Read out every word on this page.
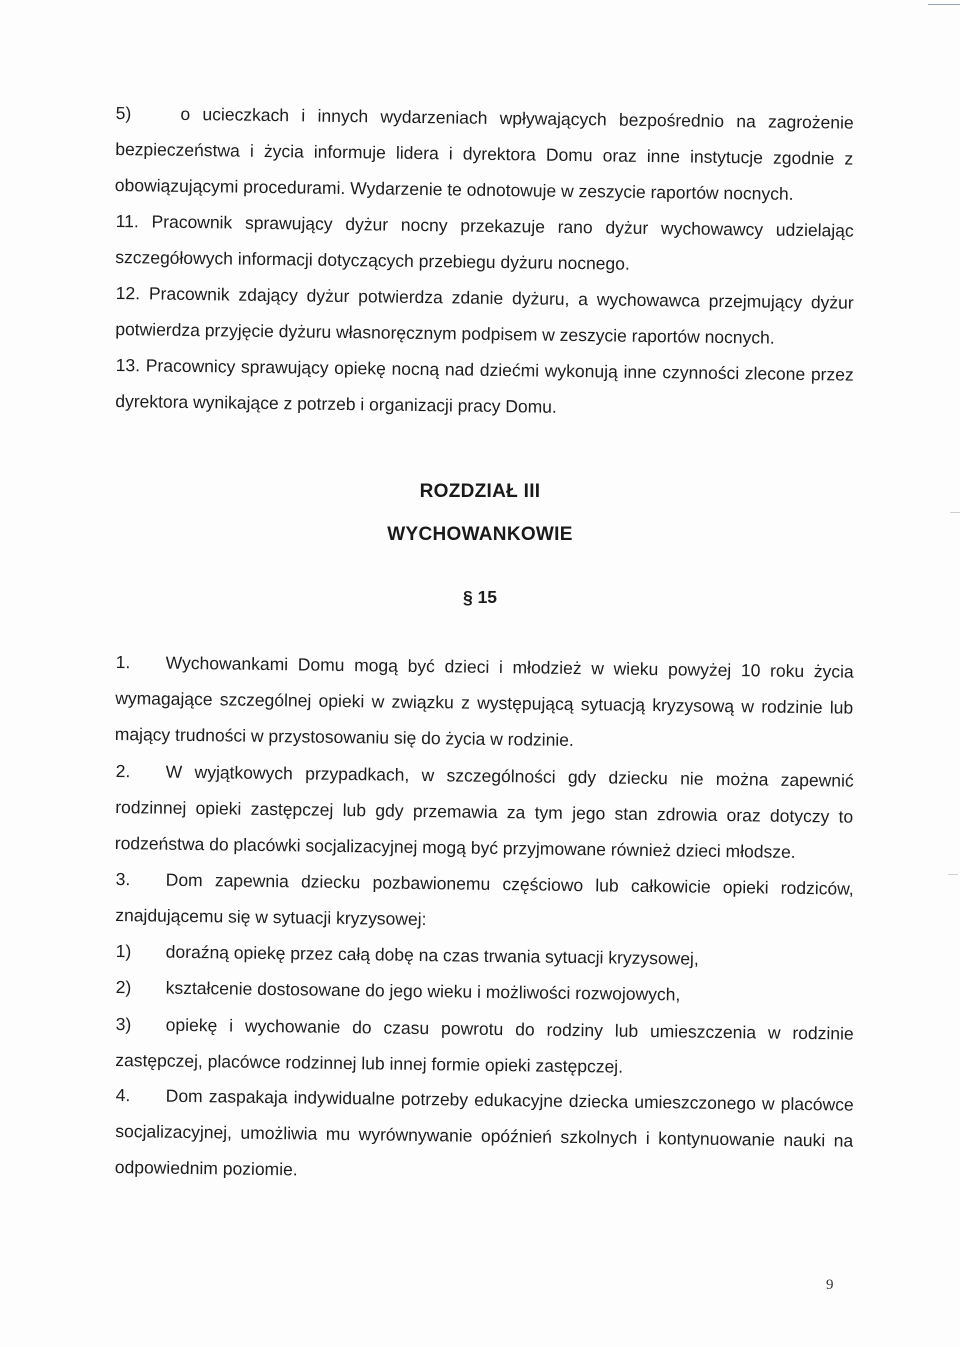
5)    o ucieczkach i innych wydarzeniach wpływających bezpośrednio na zagrożenie bezpieczeństwa i życia informuje lidera i dyrektora Domu oraz inne instytucje zgodnie z obowiązującymi procedurami. Wydarzenie te odnotowuje w zeszycie raportów nocnych.

11. Pracownik sprawujący dyżur nocny przekazuje rano dyżur wychowawcy udzielając szczegółowych informacji dotyczących przebiegu dyżuru nocnego.

12. Pracownik zdający dyżur potwierdza zdanie dyżuru, a wychowawca przejmujący dyżur potwierdza przyjęcie dyżuru własnoręcznym podpisem w zeszycie raportów nocnych.

13. Pracownicy sprawujący opiekę nocną nad dziećmi wykonują inne czynności zlecone przez dyrektora wynikające z potrzeb i organizacji pracy Domu.

ROZDZIAŁ III
WYCHOWANKOWIE
§ 15

1. Wychowankami Domu mogą być dzieci i młodzież w wieku powyżej 10 roku życia wymagające szczególnej opieki w związku z występującą sytuacją kryzysową w rodzinie lub mający trudności w przystosowaniu się do życia w rodzinie.

2. W wyjątkowych przypadkach, w szczególności gdy dziecku nie można zapewnić rodzinnej opieki zastępczej lub gdy przemawia za tym jego stan zdrowia oraz dotyczy to rodzeństwa do placówki socjalizacyjnej mogą być przyjmowane również dzieci młodsze.

3. Dom zapewnia dziecku pozbawionemu częściowo lub całkowicie opieki rodziców, znajdującemu się w sytuacji kryzysowej:

1) doraźną opiekę przez całą dobę na czas trwania sytuacji kryzysowej,

2) kształcenie dostosowane do jego wieku i możliwości rozwojowych,

3) opiekę i wychowanie do czasu powrotu do rodziny lub umieszczenia w rodzinie zastępczej, placówce rodzinnej lub innej formie opieki zastępczej.

4. Dom zaspakaja indywidualne potrzeby edukacyjne dziecka umieszczonego w placówce socjalizacyjnej, umożliwia mu wyrównywanie opóźnień szkolnych i kontynuowanie nauki na odpowiednim poziomie.

9
